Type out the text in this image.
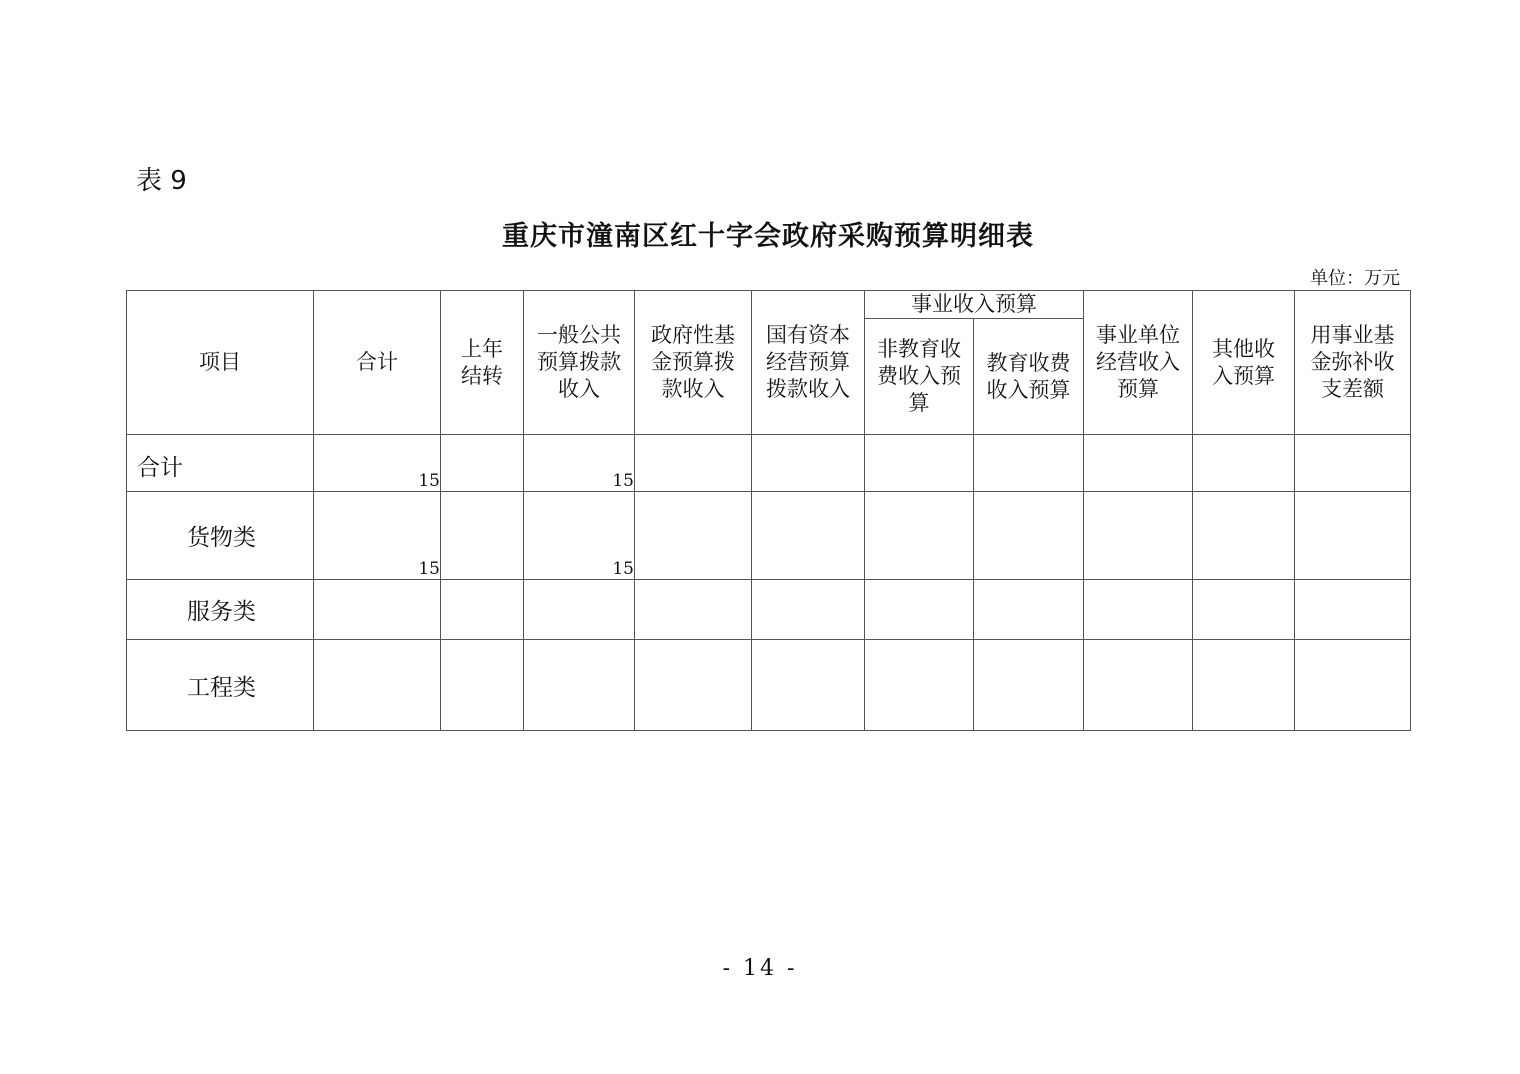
表 9
重庆市潼南区红十字会政府采购预算明细表
单位：万元
项目	合计	上年结转	一般公共预算拨款收入	政府性基金预算拨款收入	国有资本经营预算拨款收入	事业收入预算		事业单位经营收入预算	其他收入预算	用事业基金弥补收支差额
						非教育收费收入预算	教育收费收入预算			
合计	15		15							
货物类	15		15							
服务类										
工程类										
- 14 -
